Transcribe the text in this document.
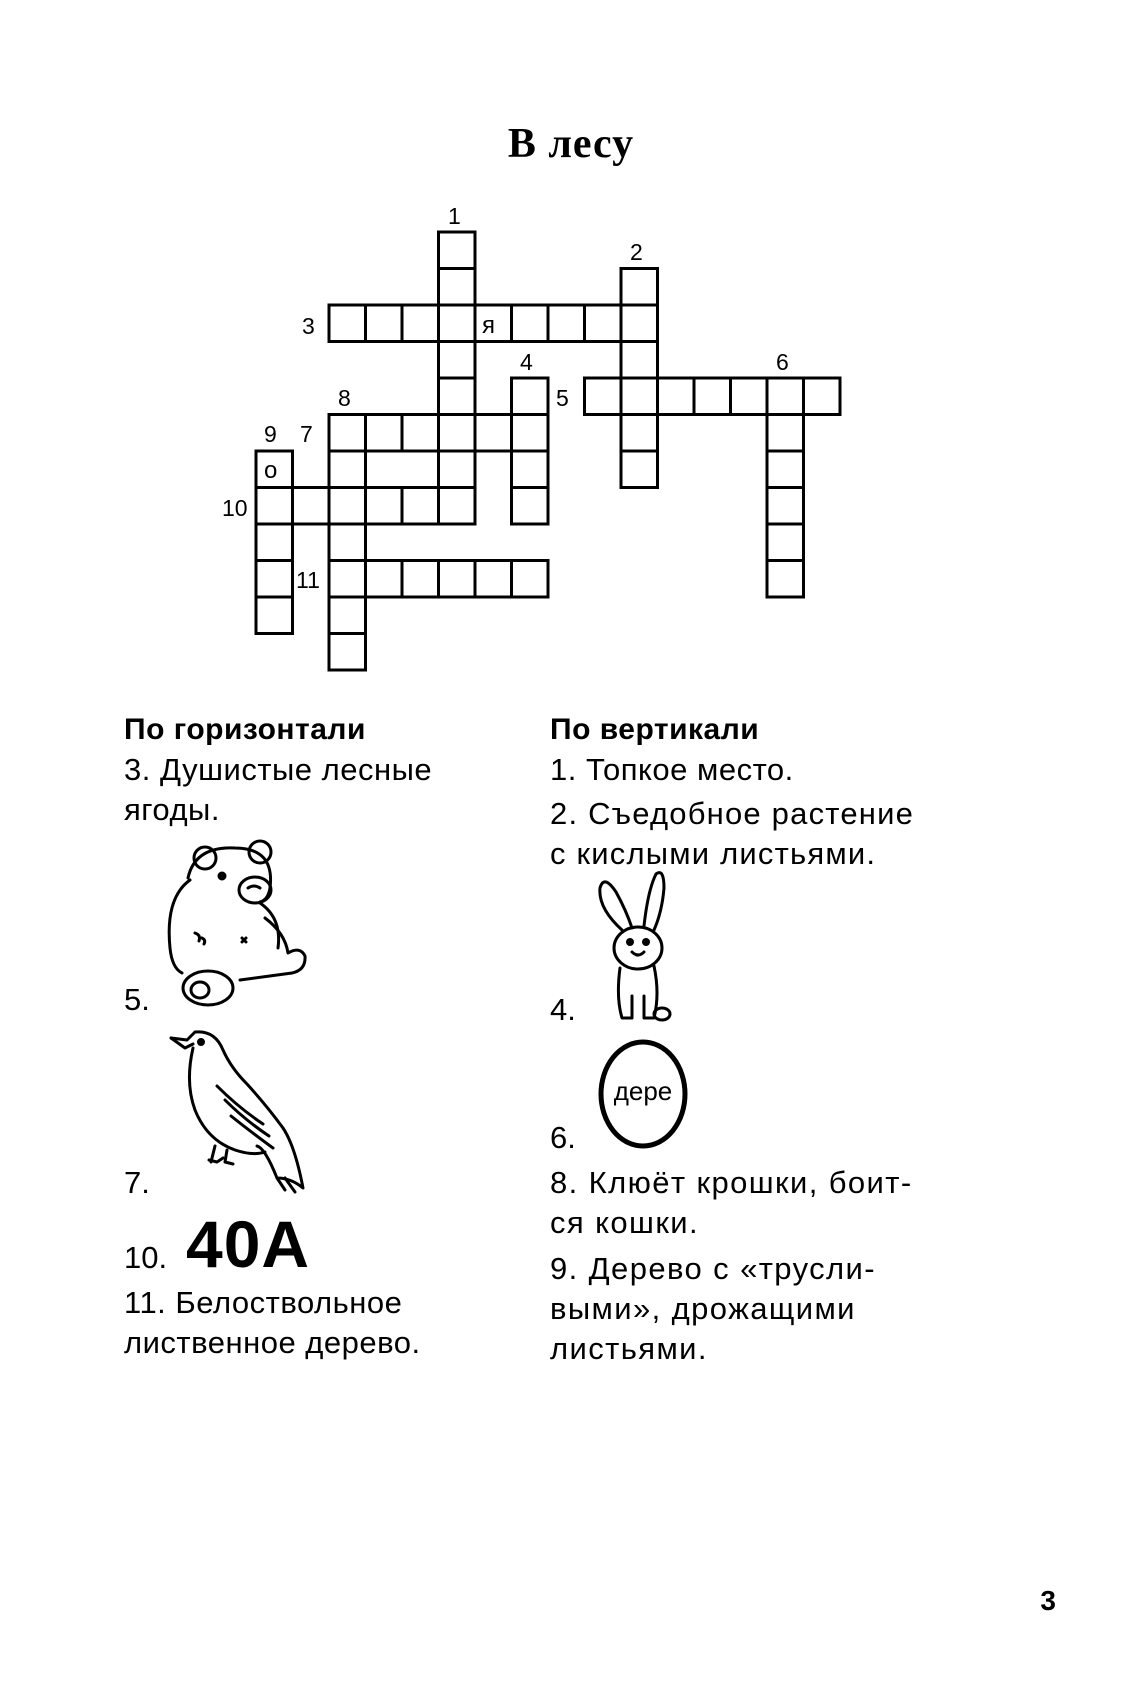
В лесу
1
2
3
4
5
6
7
8
9
10
11
я
о
По горизонтали

3. Душистые лесные ягоды.

5.
7.
10. 40А

11. Белоствольное лиственное дерево.

По вертикали

1. Топкое место.

2. Съедобное растение с кислыми листьями.

4.
6.
дере

8. Клюёт крошки, боит-ся кошки.

9. Дерево с «трусли-выми», дрожащими листьями.

3
